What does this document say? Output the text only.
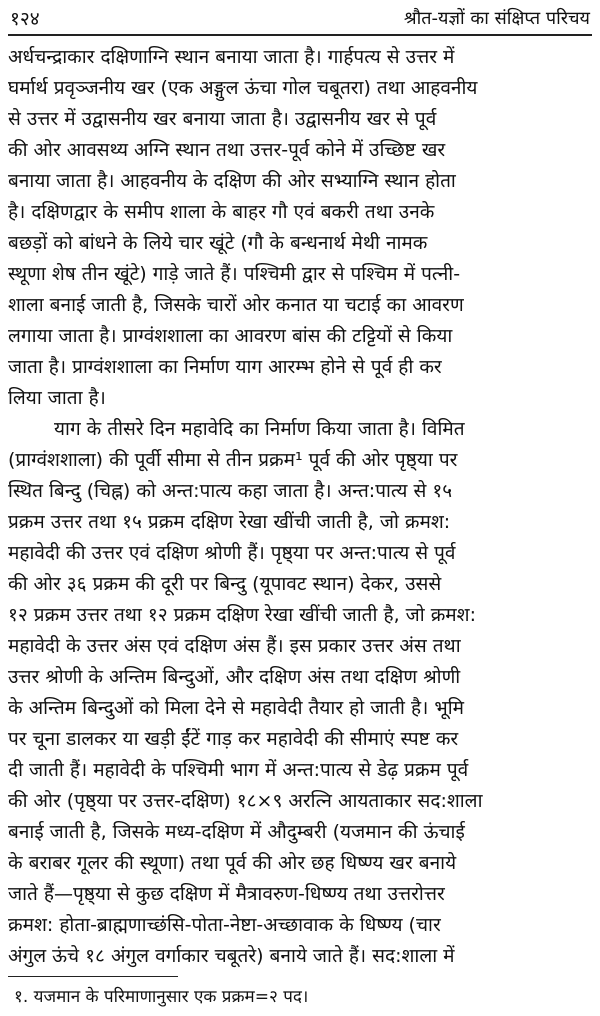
१२४	श्रौत-यज्ञों का संक्षिप्त परिचय
अर्धचन्द्राकार दक्षिणाग्नि स्थान बनाया जाता है। गार्हपत्य से उत्तर में
घर्मार्थ प्रवृञ्जनीय खर (एक अङ्गुल ऊंचा गोल चबूतरा) तथा आहवनीय
से उत्तर में उद्वासनीय खर बनाया जाता है। उद्वासनीय खर से पूर्व
की ओर आवसथ्य अग्नि स्थान तथा उत्तर-पूर्व कोने में उच्छिष्ट खर
बनाया जाता है। आहवनीय के दक्षिण की ओर सभ्याग्नि स्थान होता
है। दक्षिणद्वार के समीप शाला के बाहर गौ एवं बकरी तथा उनके
बछड़ों को बांधने के लिये चार खूंटे (गौ के बन्धनार्थ मेथी नामक
स्थूणा शेष तीन खूंटे) गाड़े जाते हैं। पश्चिमी द्वार से पश्चिम में पत्नी-
शाला बनाई जाती है, जिसके चारों ओर कनात या चटाई का आवरण
लगाया जाता है। प्राग्वंशशाला का आवरण बांस की टट्टियों से किया
जाता है। प्राग्वंशशाला का निर्माण याग आरम्भ होने से पूर्व ही कर
लिया जाता है।
याग के तीसरे दिन महावेदि का निर्माण किया जाता है। विमित
(प्राग्वंशशाला) की पूर्वी सीमा से तीन प्रक्रम¹ पूर्व की ओर पृष्ठ्या पर
स्थित बिन्दु (चिह्न) को अन्त:पात्य कहा जाता है। अन्त:पात्य से १५
प्रक्रम उत्तर तथा १५ प्रक्रम दक्षिण रेखा खींची जाती है, जो क्रमश:
महावेदी की उत्तर एवं दक्षिण श्रोणी हैं। पृष्ठ्या पर अन्त:पात्य से पूर्व
की ओर ३६ प्रक्रम की दूरी पर बिन्दु (यूपावट स्थान) देकर, उससे
१२ प्रक्रम उत्तर तथा १२ प्रक्रम दक्षिण रेखा खींची जाती है, जो क्रमश:
महावेदी के उत्तर अंस एवं दक्षिण अंस हैं। इस प्रकार उत्तर अंस तथा
उत्तर श्रोणी के अन्तिम बिन्दुओं, और दक्षिण अंस तथा दक्षिण श्रोणी
के अन्तिम बिन्दुओं को मिला देने से महावेदी तैयार हो जाती है। भूमि
पर चूना डालकर या खड़ी ईंटें गाड़ कर महावेदी की सीमाएं स्पष्ट कर
दी जाती हैं। महावेदी के पश्चिमी भाग में अन्त:पात्य से डेढ़ प्रक्रम पूर्व
की ओर (पृष्ठ्या पर उत्तर-दक्षिण) १८×९ अरत्नि आयताकार सद:शाला
बनाई जाती है, जिसके मध्य-दक्षिण में औदुम्बरी (यजमान की ऊंचाई
के बराबर गूलर की स्थूणा) तथा पूर्व की ओर छह धिष्ण्य खर बनाये
जाते हैं—पृष्ठ्या से कुछ दक्षिण में मैत्रावरुण-धिष्ण्य तथा उत्तरोत्तर
क्रमश: होता-ब्राह्मणाच्छंसि-पोता-नेष्टा-अच्छावाक के धिष्ण्य (चार
अंगुल ऊंचे १८ अंगुल वर्गाकार चबूतरे) बनाये जाते हैं। सद:शाला में
१. यजमान के परिमाणानुसार एक प्रक्रम=२ पद।
